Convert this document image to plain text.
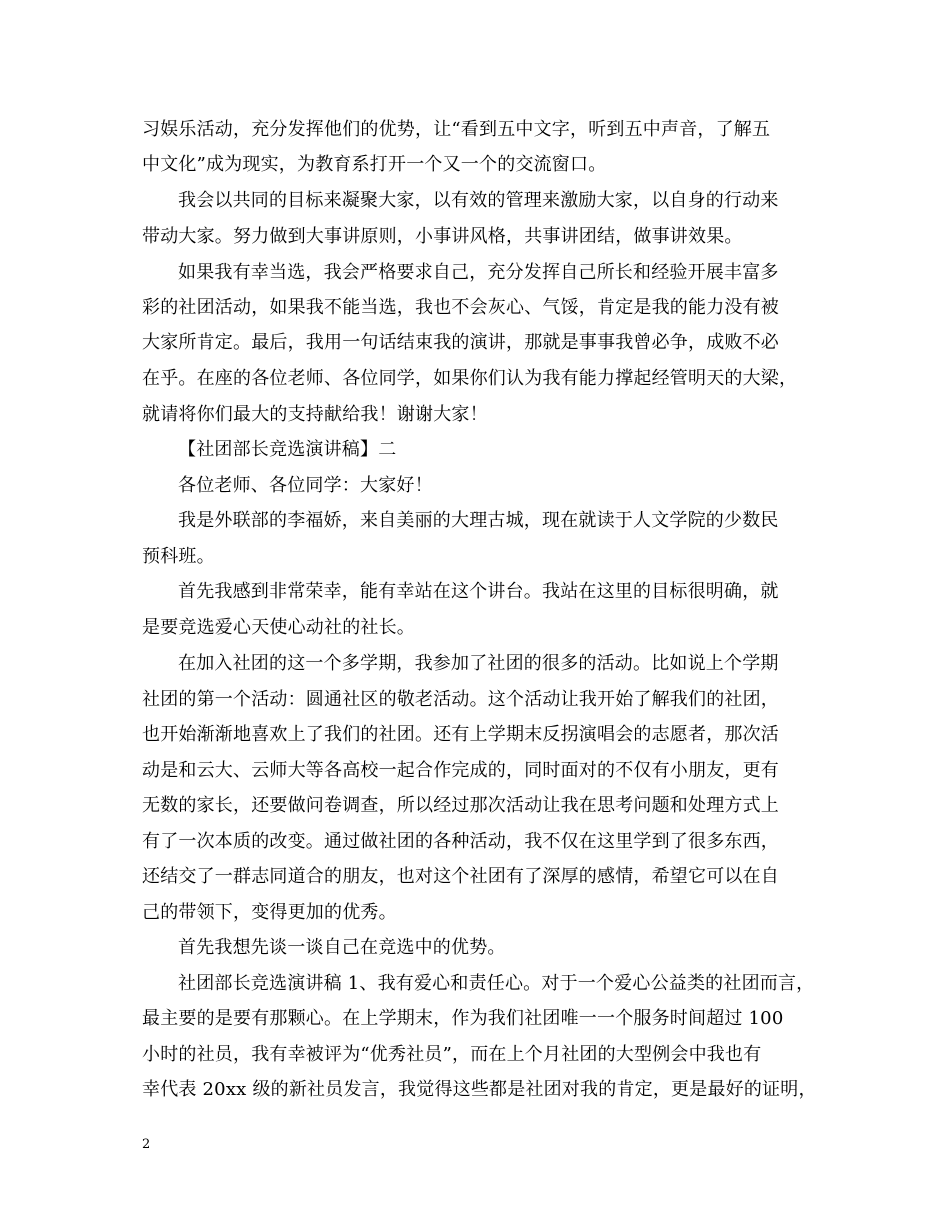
习娱乐活动，充分发挥他们的优势，让“看到五中文字，听到五中声音，了解五
中文化”成为现实，为教育系打开一个又一个的交流窗口。
我会以共同的目标来凝聚大家，以有效的管理来激励大家，以自身的行动来
带动大家。努力做到大事讲原则，小事讲风格，共事讲团结，做事讲效果。
如果我有幸当选，我会严格要求自己，充分发挥自己所长和经验开展丰富多
彩的社团活动，如果我不能当选，我也不会灰心、气馁，肯定是我的能力没有被
大家所肯定。最后，我用一句话结束我的演讲，那就是事事我曾必争，成败不必
在乎。在座的各位老师、各位同学，如果你们认为我有能力撑起经管明天的大梁，
就请将你们最大的支持献给我！谢谢大家！
【社团部长竞选演讲稿】二
各位老师、各位同学：大家好！
我是外联部的李福娇，来自美丽的大理古城，现在就读于人文学院的少数民
预科班。
首先我感到非常荣幸，能有幸站在这个讲台。我站在这里的目标很明确，就
是要竞选爱心天使心动社的社长。
在加入社团的这一个多学期，我参加了社团的很多的活动。比如说上个学期
社团的第一个活动：圆通社区的敬老活动。这个活动让我开始了解我们的社团，
也开始渐渐地喜欢上了我们的社团。还有上学期末反拐演唱会的志愿者，那次活
动是和云大、云师大等各高校一起合作完成的，同时面对的不仅有小朋友，更有
无数的家长，还要做问卷调查，所以经过那次活动让我在思考问题和处理方式上
有了一次本质的改变。通过做社团的各种活动，我不仅在这里学到了很多东西，
还结交了一群志同道合的朋友，也对这个社团有了深厚的感情，希望它可以在自
己的带领下，变得更加的优秀。
首先我想先谈一谈自己在竞选中的优势。
社团部长竞选演讲稿 1、我有爱心和责任心。对于一个爱心公益类的社团而言，
最主要的是要有那颗心。在上学期末，作为我们社团唯一一个服务时间超过 100
小时的社员，我有幸被评为“优秀社员”，而在上个月社团的大型例会中我也有
幸代表 20xx 级的新社员发言，我觉得这些都是社团对我的肯定，更是最好的证明，
2
